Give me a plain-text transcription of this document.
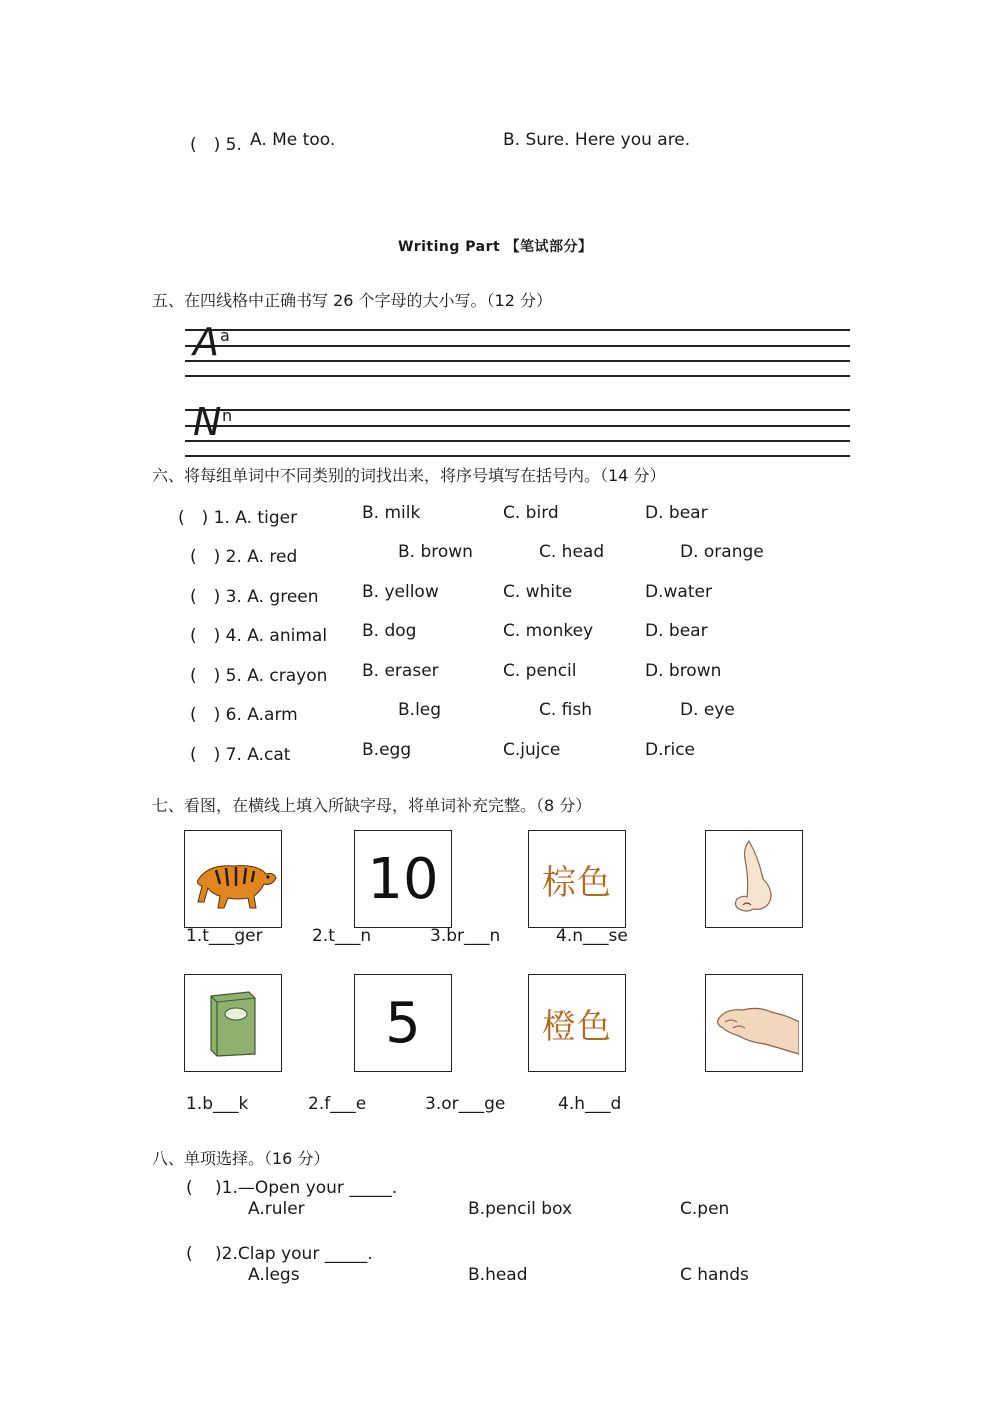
(　) 5. A. Me too.	B. Sure. Here you are.
Writing Part 【笔试部分】
五、在四线格中正确书写 26 个字母的大小写。（12 分）
A a
N n
六、将每组单词中不同类别的词找出来，将序号填写在括号内。（14 分）
(　) 1. A. tiger	B. milk	C. bird	D. bear
(　) 2. A. red	B. brown	C. head	D. orange
(　) 3. A. green	B. yellow	C. white	D.water
(　) 4. A. animal B. dog	C. monkey	D. bear
(　) 5. A. crayon B. eraser	C. pencil	D. brown
(　) 6. A.arm	B.leg	C. fish	D. eye
(　) 7. A.cat	B.egg	C.jujce	D.rice
七、看图，在横线上填入所缺字母，将单词补充完整。（8 分）
10	棕色
1.t___ger	2.t___n	3.br___n	4.n___se
5	橙色
1.b___k	2.f___e	3.or___ge	4.h___d
八、单项选择。（16 分）
(　 )1.—Open your _____.
A.ruler	B.pencil box	C.pen
(　 )2.Clap your _____.
A.legs	B.head	C hands
